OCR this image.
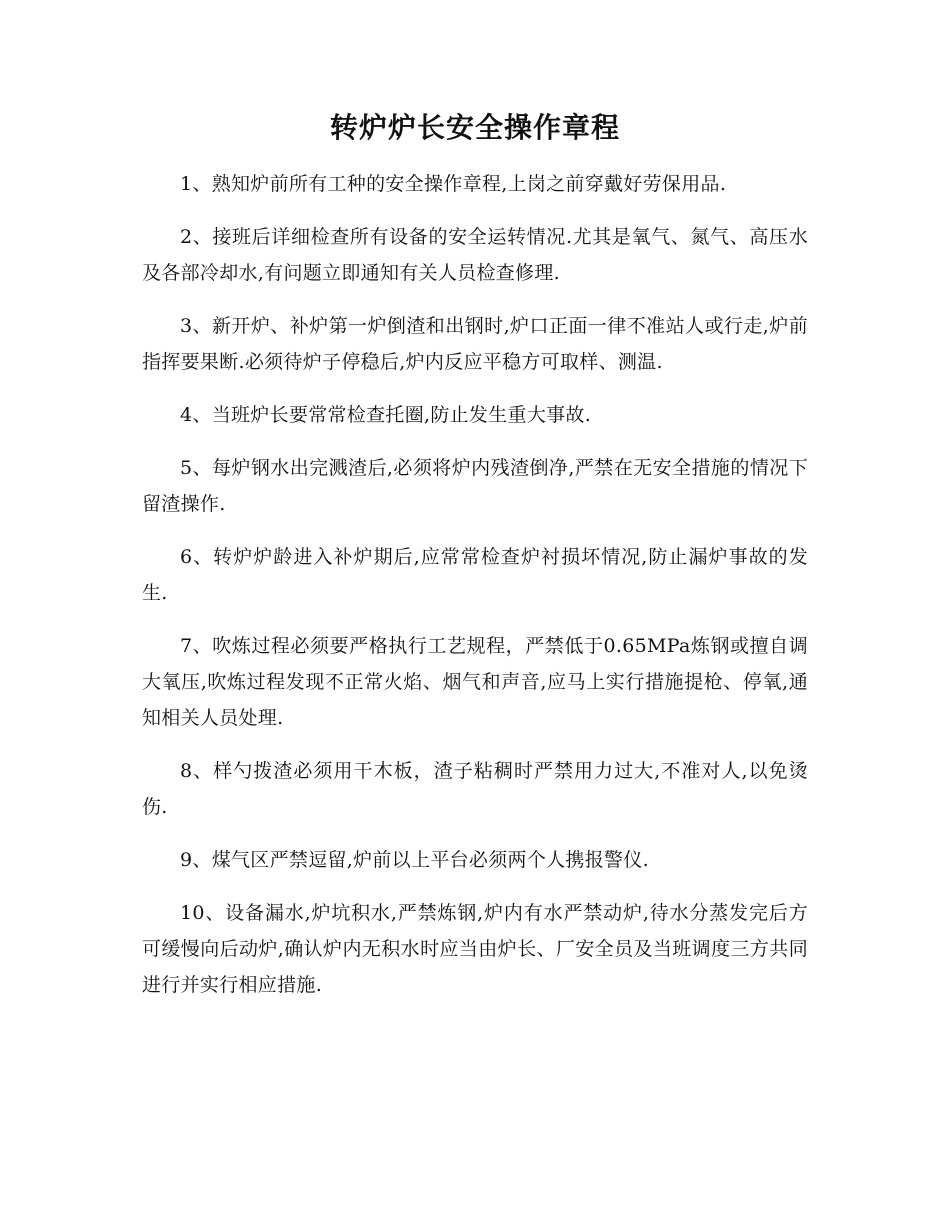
转炉炉长安全操作章程

1、熟知炉前所有工种的安全操作章程,上岗之前穿戴好劳保用品.

2、接班后详细检查所有设备的安全运转情况.尤其是氧气、氮气、高压水及各部冷却水,有问题立即通知有关人员检查修理.

3、新开炉、补炉第一炉倒渣和出钢时,炉口正面一律不准站人或行走,炉前指挥要果断.必须待炉子停稳后,炉内反应平稳方可取样、测温.

4、当班炉长要常常检查托圈,防止发生重大事故.

5、每炉钢水出完溅渣后,必须将炉内残渣倒净,严禁在无安全措施的情况下留渣操作.

6、转炉炉龄进入补炉期后,应常常检查炉衬损坏情况,防止漏炉事故的发生.

7、吹炼过程必须要严格执行工艺规程，严禁低于0.65MPa炼钢或擅自调大氧压,吹炼过程发现不正常火焰、烟气和声音,应马上实行措施提枪、停氧,通知相关人员处理.

8、样勺拨渣必须用干木板，渣子粘稠时严禁用力过大,不准对人,以免烫伤.

9、煤气区严禁逗留,炉前以上平台必须两个人携报警仪.

10、设备漏水,炉坑积水,严禁炼钢,炉内有水严禁动炉,待水分蒸发完后方可缓慢向后动炉,确认炉内无积水时应当由炉长、厂安全员及当班调度三方共同进行并实行相应措施.
